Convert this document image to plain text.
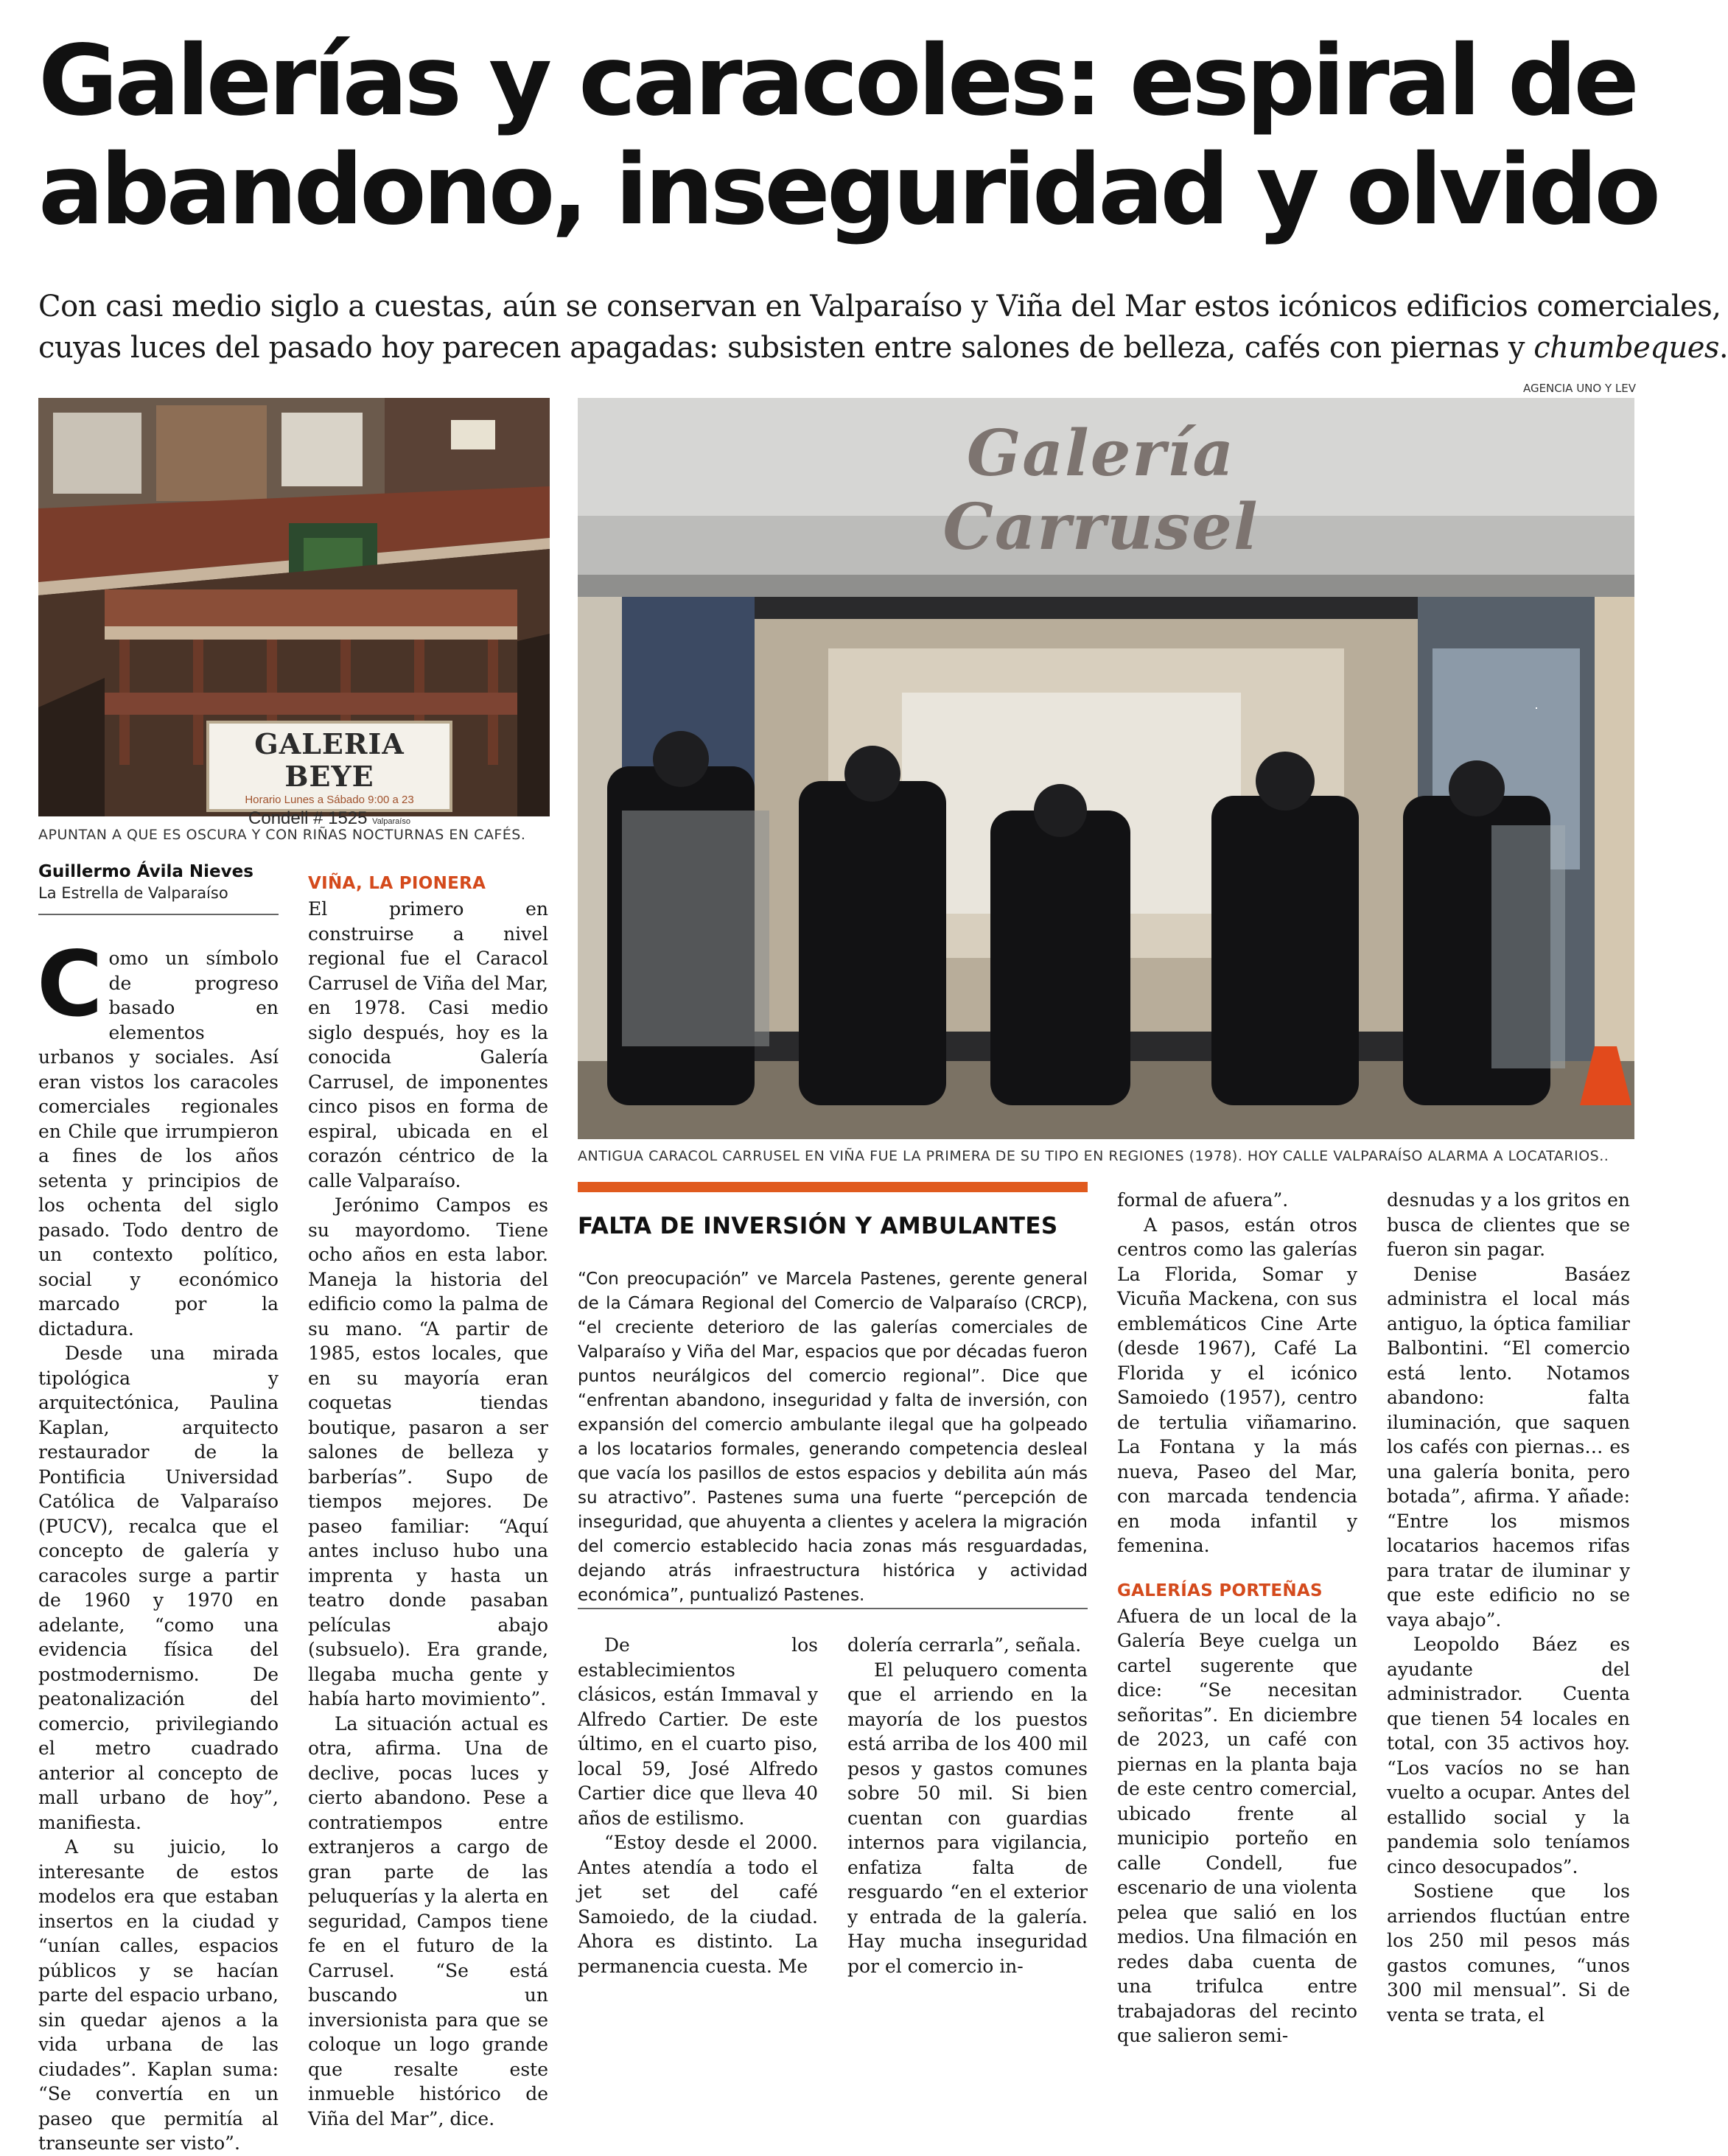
Galerías y caracoles: espiral de
abandono, inseguridad y olvido

Con casi medio siglo a cuestas, aún se conservan en Valparaíso y Viña del Mar estos icónicos edificios comerciales,
cuyas luces del pasado hoy parecen apagadas: subsisten entre salones de belleza, cafés con piernas y chumbeques.

AGENCIA UNO Y LEV
GALERIA BEYE
Horario Lunes a Sábado 9:00 a 23
Condell # 1525 Valparaíso
APUNTAN A QUE ES OSCURA Y CON RIÑAS NOCTURNAS EN CAFÉS.
Galería Carrusel
ANTIGUA CARACOL CARRUSEL EN VIÑA FUE LA PRIMERA DE SU TIPO EN REGIONES (1978). HOY CALLE VALPARAÍSO ALARMA A LOCATARIOS..
Guillermo Ávila Nieves
La Estrella de Valparaíso

Como un símbolo de progreso basado en elementos urbanos y sociales. Así eran vistos los caracoles comerciales regionales en Chile que irrumpieron a fines de los años setenta y principios de los ochenta del siglo pasado. Todo dentro de un contexto político, social y económico marcado por la dictadura.

Desde una mirada tipológica y arquitectónica, Paulina Kaplan, arquitecto restaurador de la Pontificia Universidad Católica de Valparaíso (PUCV), recalca que el concepto de galería y caracoles surge a partir de 1960 y 1970 en adelante, “como una evidencia física del postmodernismo. De peatonalización del comercio, privilegiando el metro cuadrado anterior al concepto de mall urbano de hoy”, manifiesta.

A su juicio, lo interesante de estos modelos era que estaban insertos en la ciudad y “unían calles, espacios públicos y se hacían parte del espacio urbano, sin quedar ajenos a la vida urbana de las ciudades”. Kaplan suma: “Se convertía en un paseo que permitía al transeunte ser visto”.

VIÑA, LA PIONERA

El primero en construirse a nivel regional fue el Caracol Carrusel de Viña del Mar, en 1978. Casi medio siglo después, hoy es la conocida Galería Carrusel, de imponentes cinco pisos en forma de espiral, ubicada en el corazón céntrico de la calle Valparaíso.

Jerónimo Campos es su mayordomo. Tiene ocho años en esta labor. Maneja la historia del edificio como la palma de su mano. “A partir de 1985, estos locales, que en su mayoría eran coquetas tiendas boutique, pasaron a ser salones de belleza y barberías”. Supo de tiempos mejores. De paseo familiar: “Aquí antes incluso hubo una imprenta y hasta un teatro donde pasaban películas abajo (subsuelo). Era grande, llegaba mucha gente y había harto movimiento”.

La situación actual es otra, afirma. Una de declive, pocas luces y cierto abandono. Pese a contratiempos entre extranjeros a cargo de gran parte de las peluquerías y la alerta en seguridad, Campos tiene fe en el futuro de la Carrusel. “Se está buscando un inversionista para que se coloque un logo grande que resalte este inmueble histórico de Viña del Mar”, dice.

FALTA DE INVERSIÓN Y AMBULANTES

“Con preocupación” ve Marcela Pastenes, gerente general de la Cámara Regional del Comercio de Valparaíso (CRCP), “el creciente deterioro de las galerías comerciales de Valparaíso y Viña del Mar, espacios que por décadas fueron puntos neurálgicos del comercio regional”. Dice que “enfrentan abandono, inseguridad y falta de inversión, con expansión del comercio ambulante ilegal que ha golpeado a los locatarios formales, generando competencia desleal que vacía los pasillos de estos espacios y debilita aún más su atractivo”. Pastenes suma una fuerte “percepción de inseguridad, que ahuyenta a clientes y acelera la migración del comercio establecido hacia zonas más resguardadas, dejando atrás infraestructura histórica y actividad económica”, puntualizó Pastenes.

De los establecimientos clásicos, están Immaval y Alfredo Cartier. De este último, en el cuarto piso, local 59, José Alfredo Cartier dice que lleva 40 años de estilismo.

“Estoy desde el 2000. Antes atendía a todo el jet set del café Samoiedo, de la ciudad. Ahora es distinto. La permanencia cuesta. Me

dolería cerrarla”, señala.

El peluquero comenta que el arriendo en la mayoría de los puestos está arriba de los 400 mil pesos y gastos comunes sobre 50 mil. Si bien cuentan con guardias internos para vigilancia, enfatiza falta de resguardo “en el exterior y entrada de la galería. Hay mucha inseguridad por el comercio in-

formal de afuera”.

A pasos, están otros centros como las galerías La Florida, Somar y Vicuña Mackena, con sus emblemáticos Cine Arte (desde 1967), Café La Florida y el icónico Samoiedo (1957), centro de tertulia viñamarino. La Fontana y la más nueva, Paseo del Mar, con marcada tendencia en moda infantil y femenina.

GALERÍAS PORTEÑAS

Afuera de un local de la Galería Beye cuelga un cartel sugerente que dice: “Se necesitan señoritas”. En diciembre de 2023, un café con piernas en la planta baja de este centro comercial, ubicado frente al municipio porteño en calle Condell, fue escenario de una violenta pelea que salió en los medios. Una filmación en redes daba cuenta de una trifulca entre trabajadoras del recinto que salieron semi-

desnudas y a los gritos en busca de clientes que se fueron sin pagar.

Denise Basáez administra el local más antiguo, la óptica familiar Balbontini. “El comercio está lento. Notamos abandono: falta iluminación, que saquen los cafés con piernas… es una galería bonita, pero botada”, afirma. Y añade: “Entre los mismos locatarios hacemos rifas para tratar de iluminar y que este edificio no se vaya abajo”.

Leopoldo Báez es ayudante del administrador. Cuenta que tienen 54 locales en total, con 35 activos hoy. “Los vacíos no se han vuelto a ocupar. Antes del estallido social y la pandemia solo teníamos cinco desocupados”.

Sostiene que los arriendos fluctúan entre los 250 mil pesos más gastos comunes, “unos 300 mil mensual”. Si de venta se trata, el
